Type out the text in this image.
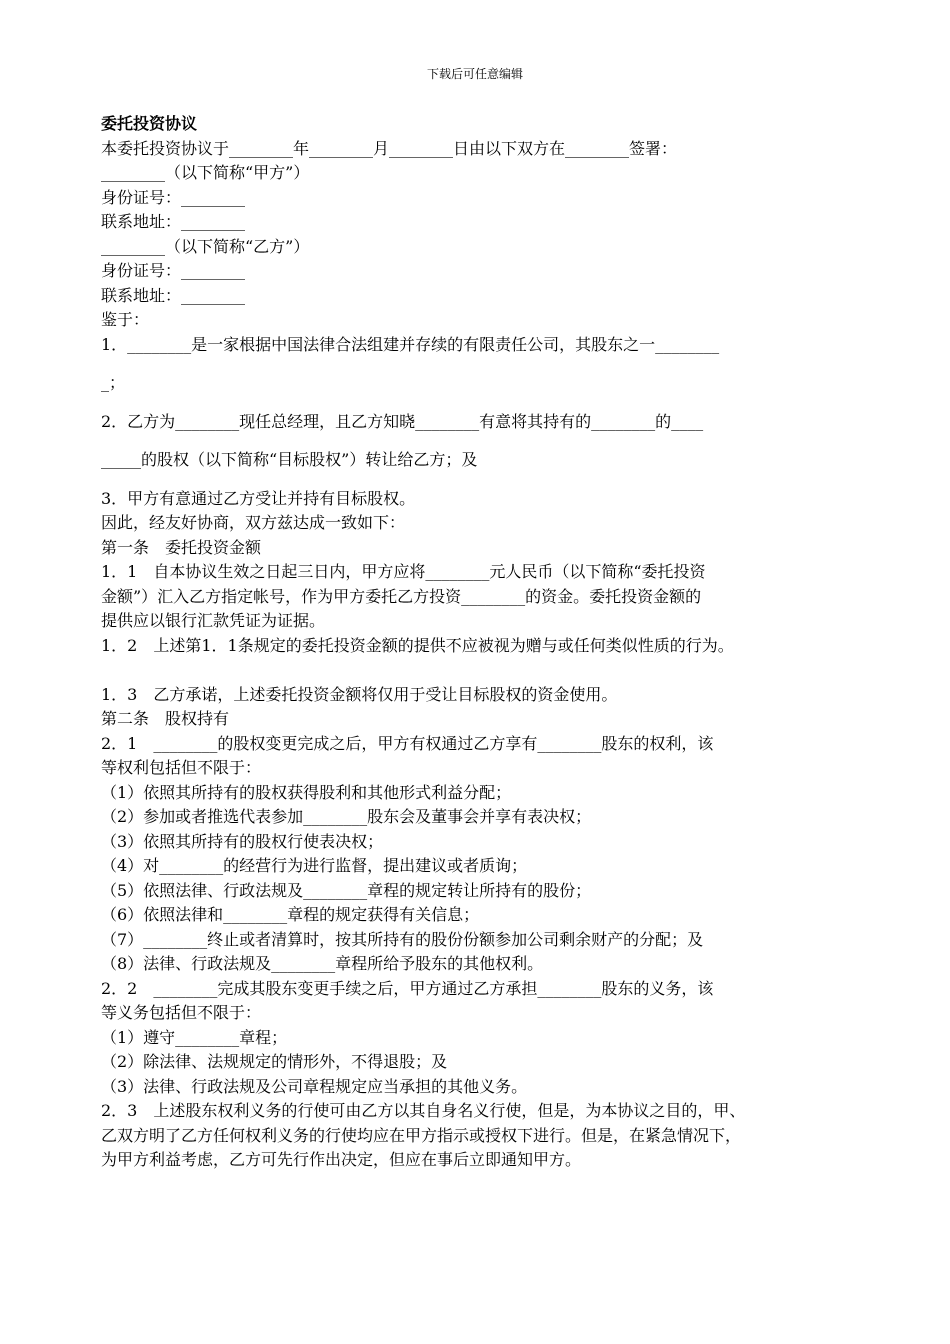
下载后可任意编辑
委托投资协议
本委托投资协议于________年________月________日由以下双方在________签署：
________（以下简称“甲方”）
身份证号：________
联系地址：________
________（以下简称“乙方”）
身份证号：________
联系地址：________
鉴于：
1．________是一家根据中国法律合法组建并存续的有限责任公司，其股东之一________
_；
2．乙方为________现任总经理，且乙方知晓________有意将其持有的________的____
_____的股权（以下简称“目标股权”）转让给乙方；及
3．甲方有意通过乙方受让并持有目标股权。
因此，经友好协商，双方兹达成一致如下：
第一条　委托投资金额
1．1　自本协议生效之日起三日内，甲方应将________元人民币（以下简称“委托投资
金额”）汇入乙方指定帐号，作为甲方委托乙方投资________的资金。委托投资金额的
提供应以银行汇款凭证为证据。
1．2　上述第1．1条规定的委托投资金额的提供不应被视为赠与或任何类似性质的行为。
1．3　乙方承诺，上述委托投资金额将仅用于受让目标股权的资金使用。
第二条　股权持有
2．1　________的股权变更完成之后，甲方有权通过乙方享有________股东的权利，该
等权利包括但不限于：
（1）依照其所持有的股权获得股利和其他形式利益分配；
（2）参加或者推选代表参加________股东会及董事会并享有表决权；
（3）依照其所持有的股权行使表决权；
（4）对________的经营行为进行监督，提出建议或者质询；
（5）依照法律、行政法规及________章程的规定转让所持有的股份；
（6）依照法律和________章程的规定获得有关信息；
（7）________终止或者清算时，按其所持有的股份份额参加公司剩余财产的分配；及
（8）法律、行政法规及________章程所给予股东的其他权利。
2．2　________完成其股东变更手续之后，甲方通过乙方承担________股东的义务，该
等义务包括但不限于：
（1）遵守________章程；
（2）除法律、法规规定的情形外，不得退股；及
（3）法律、行政法规及公司章程规定应当承担的其他义务。
2．3　上述股东权利义务的行使可由乙方以其自身名义行使，但是，为本协议之目的，甲、
乙双方明了乙方任何权利义务的行使均应在甲方指示或授权下进行。但是，在紧急情况下，
为甲方利益考虑，乙方可先行作出决定，但应在事后立即通知甲方。
